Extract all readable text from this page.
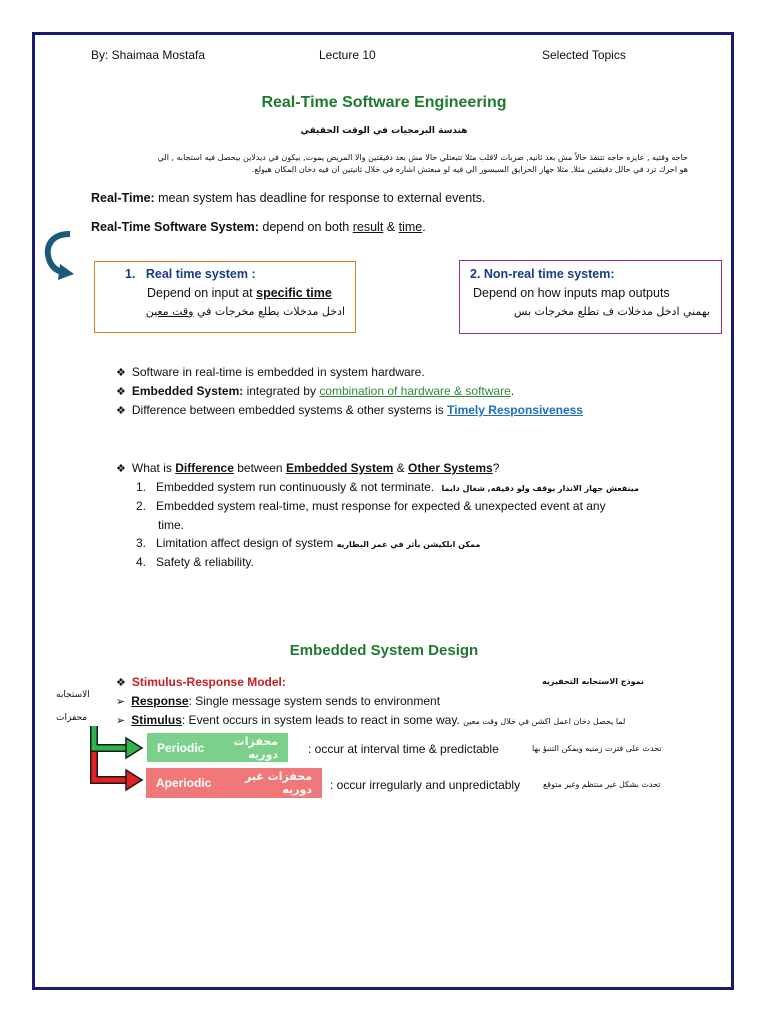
By: Shaimaa Mostafa	Lecture 10	Selected Topics
Real-Time Software Engineering
هندسة البرمجيات في الوقت الحقيقي
حاجه وقتيه , عايزه حاجه تتنفذ حالاً مش بعد ثانيه, ضربات لاقلب مثلا تتبعتلي حالا مش بعد دقيقتين والا المريض يموت, بيكون في ديدلاين بيحصل فيه استجابه , الي
هو احرك ترد في حالل دقيقتين مثلا, مثلا جهاز الحرايق السيسور الي فيه لو مبعتش اشاره في خلال ثانيتين ان فيه دخان المكان هيولع.
Real-Time: mean system has deadline for response to external events.
Real-Time Software System: depend on both result & time.
1. Real time system :
Depend on input at specific time
ادخل مدخلات يطلع مخرجات في وقت معين
2. Non-real time system:
Depend on how inputs map outputs
بهمني ادخل مدخلات ف تطلع مخرجات بس
❖ Software in real-time is embedded in system hardware.
❖ Embedded System: integrated by combination of hardware & software.
❖ Difference between embedded systems & other systems is Timely Responsiveness
❖ What is Difference between Embedded System & Other Systems?
1. Embedded system run continuously & not terminate. مينفعش جهاز الانذار يوقف ولو دقيقه, شغال دايما
2. Embedded system real-time, must response for expected & unexpected event at any
time.
3. Limitation affect design of system ممكن ابلكيشن يأثر في عمر البطاريه
4. Safety & reliability.
Embedded System Design
الاستجابه
محفزات
❖ Stimulus-Response Model:	نموذج الاستجابه التحفيزيه
➢ Response: Single message system sends to environment
➢ Stimulus: Event occurs in system leads to react in some way. لما يحصل دخان اعمل اكشن في خلال وقت معين
Periodic	محفزات دوريه	: occur at interval time & predictable	تحدث على فترت زمنيه ويمكن التنبؤ بها
Aperiodic	محفزات غير دوريه : occur irregularly and unpredictably	تحدث بشكل غير منتظم وغير متوقع
